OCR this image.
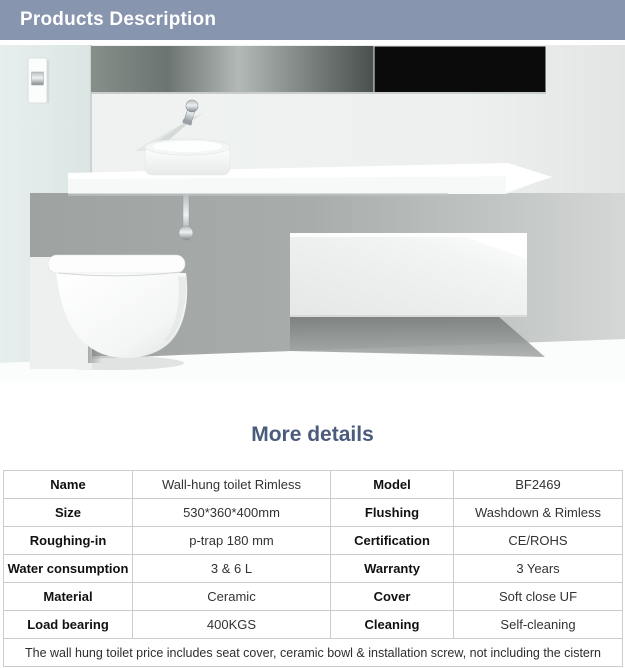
Products Description
More details
Name	Wall-hung toilet Rimless	Model	BF2469
Size	530*360*400mm	Flushing	Washdown & Rimless
Roughing-in	p-trap 180 mm	Certification	CE/ROHS
Water consumption	3 & 6 L	Warranty	3 Years
Material	Ceramic	Cover	Soft close UF
Load bearing	400KGS	Cleaning	Self-cleaning
The wall hung toilet price includes seat cover, ceramic bowl & installation screw, not including the cistern			
